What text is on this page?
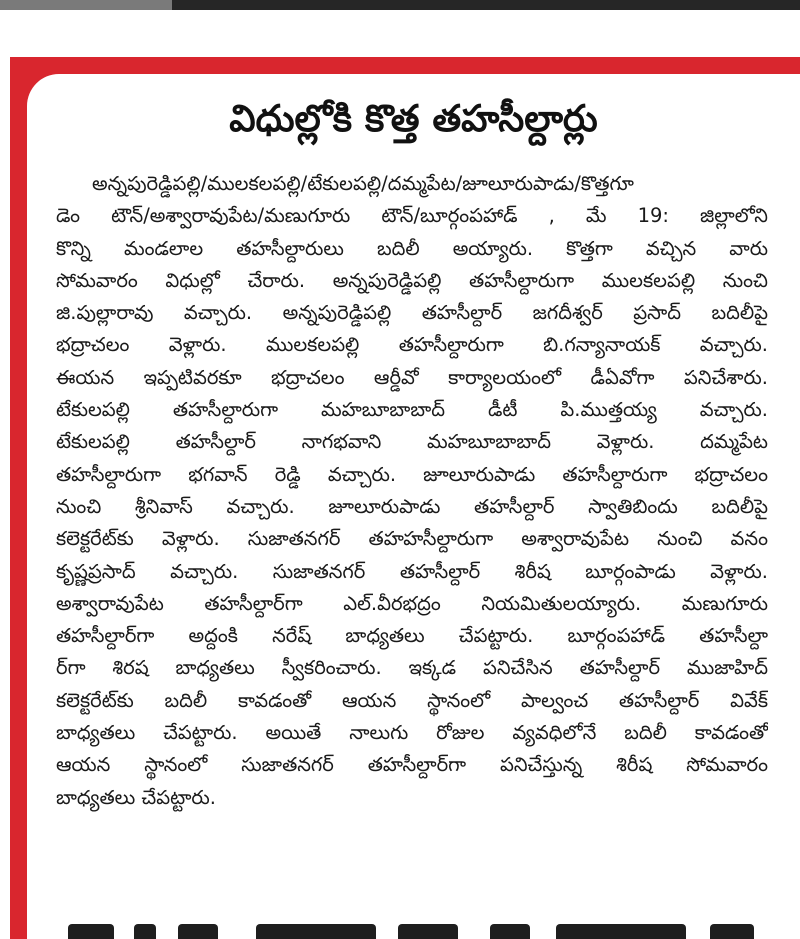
విధుల్లోకి కొత్త తహసీల్దార్లు
అన్నపురెడ్డిపల్లి/ములకలపల్లి/టేకులపల్లి/దమ్మపేట/జూలూరుపాడు/కొత్తగూ
డెం టౌన్/అశ్వారావుపేట/మణుగూరు టౌన్/బూర్గంపహాడ్ , మే 19: జిల్లాలోని
కొన్ని మండలాల తహసీల్దారులు బదిలీ అయ్యారు. కొత్తగా వచ్చిన వారు
సోమవారం విధుల్లో చేరారు. అన్నపురెడ్డిపల్లి తహసీల్దారుగా ములకలపల్లి నుంచి
జి.పుల్లారావు వచ్చారు. అన్నపురెడ్డిపల్లి తహసీల్దార్ జగదీశ్వర్ ప్రసాద్ బదిలీపై
భద్రాచలం వెళ్లారు. ములకలపల్లి తహసీల్దారుగా బి.గన్యానాయక్ వచ్చారు.
ఈయన ఇప్పటివరకూ భద్రాచలం ఆర్డీవో కార్యాలయంలో డీఏవోగా పనిచేశారు.
టేకులపల్లి తహసీల్దారుగా మహబూబాబాద్ డీటీ పి.ముత్తయ్య వచ్చారు.
టేకులపల్లి తహసీల్దార్ నాగభవాని మహబూబాబాద్ వెళ్లారు. దమ్మపేట
తహసీల్దారుగా భగవాన్ రెడ్డి వచ్చారు. జూలూరుపాడు తహసీల్దారుగా భద్రాచలం
నుంచి శ్రీనివాస్ వచ్చారు. జూలూరుపాడు తహసీల్దార్ స్వాతిబిందు బదిలీపై
కలెక్టరేట్‌కు వెళ్లారు. సుజాతనగర్ తహహసీల్దారుగా అశ్వారావుపేట నుంచి వనం
కృష్ణప్రసాద్ వచ్చారు. సుజాతనగర్ తహసీల్దార్ శిరీష బూర్గంపాడు వెళ్లారు.
అశ్వారావుపేట తహసీల్దార్‌గా ఎల్.వీరభద్రం నియమితులయ్యారు. మణుగూరు
తహసీల్దార్‌గా అద్దంకి నరేష్ బాధ్యతలు చేపట్టారు. బూర్గంపహాడ్ తహసీల్దా
ర్‌గా శిరష బాధ్యతలు స్వీకరించారు. ఇక్కడ పనిచేసిన తహసీల్దార్ ముజాహిద్
కలెక్టరేట్‌కు బదిలీ కావడంతో ఆయన స్థానంలో పాల్వంచ తహసీల్దార్ వివేక్
బాధ్యతలు చేపట్టారు. అయితే నాలుగు రోజుల వ్యవధిలోనే బదిలీ కావడంతో
ఆయన స్థానంలో సుజాతనగర్ తహసీల్దార్‌గా పనిచేస్తున్న శిరీష సోమవారం
బాధ్యతలు చేపట్టారు.
